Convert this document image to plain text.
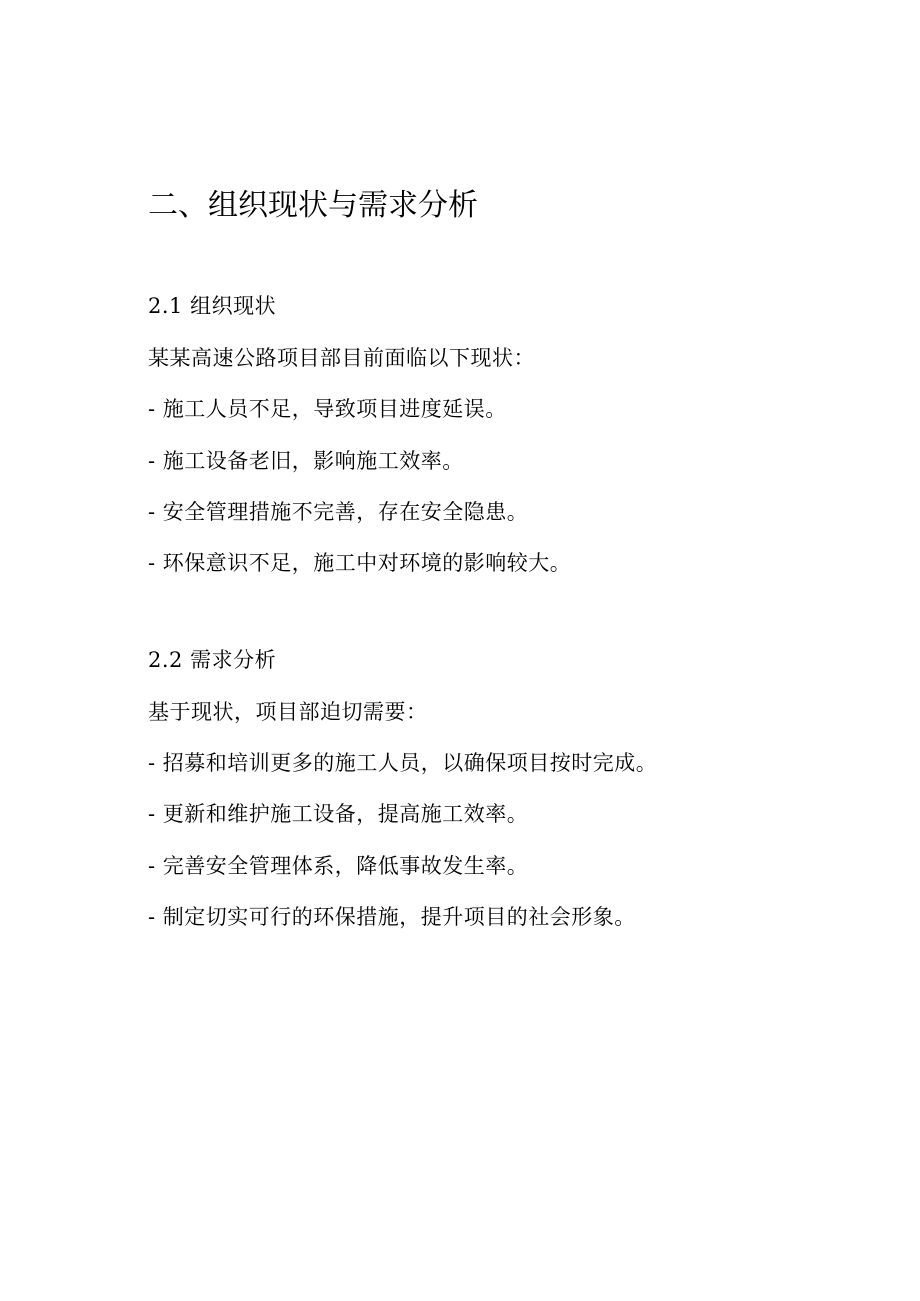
二、组织现状与需求分析

2.1 组织现状

某某高速公路项目部目前面临以下现状：

- 施工人员不足，导致项目进度延误。

- 施工设备老旧，影响施工效率。

- 安全管理措施不完善，存在安全隐患。

- 环保意识不足，施工中对环境的影响较大。

2.2 需求分析

基于现状，项目部迫切需要：

- 招募和培训更多的施工人员，以确保项目按时完成。

- 更新和维护施工设备，提高施工效率。

- 完善安全管理体系，降低事故发生率。

- 制定切实可行的环保措施，提升项目的社会形象。
